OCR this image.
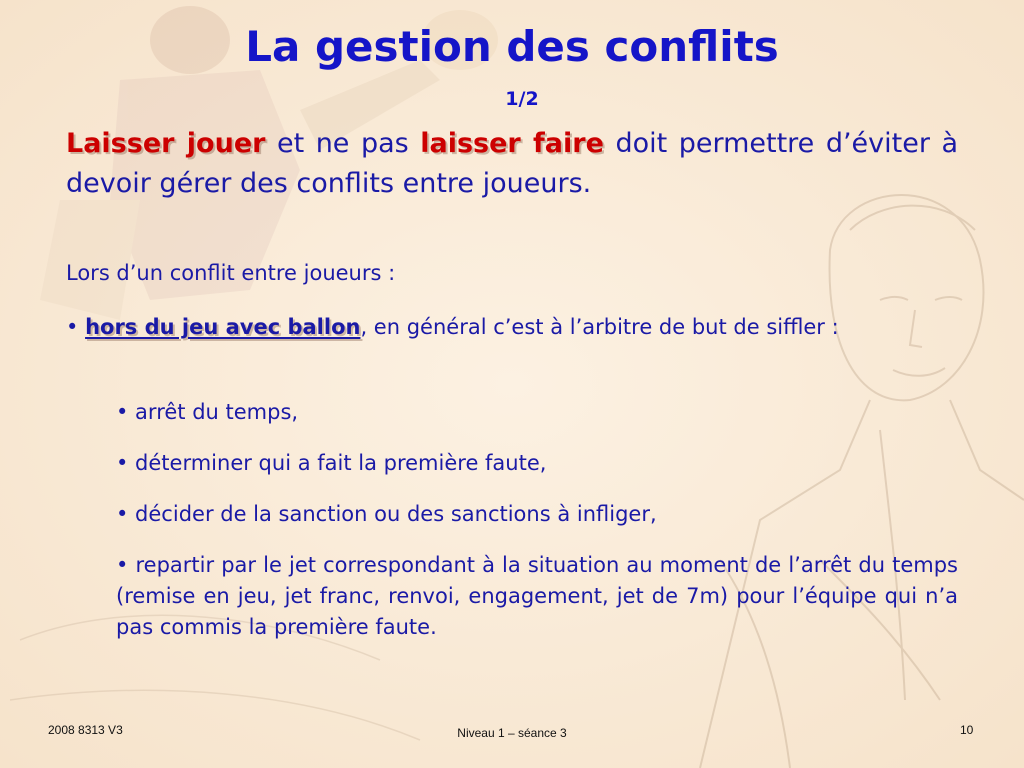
La gestion des conflits
1/2
Laisser jouer et ne pas laisser faire doit permettre d’éviter à devoir gérer des conflits entre joueurs.
Lors d’un conflit entre joueurs :
• hors du jeu avec ballon, en général c’est à l’arbitre de but de siffler :
• arrêt du temps,
• déterminer qui a fait la première faute,
• décider de la sanction ou des sanctions à infliger,
• repartir par le jet correspondant à la situation au moment de l’arrêt du temps (remise en jeu, jet franc, renvoi, engagement, jet de 7m) pour l’équipe qui n’a pas commis la première faute.
2008 8313 V3	Niveau 1 – séance 3	10
